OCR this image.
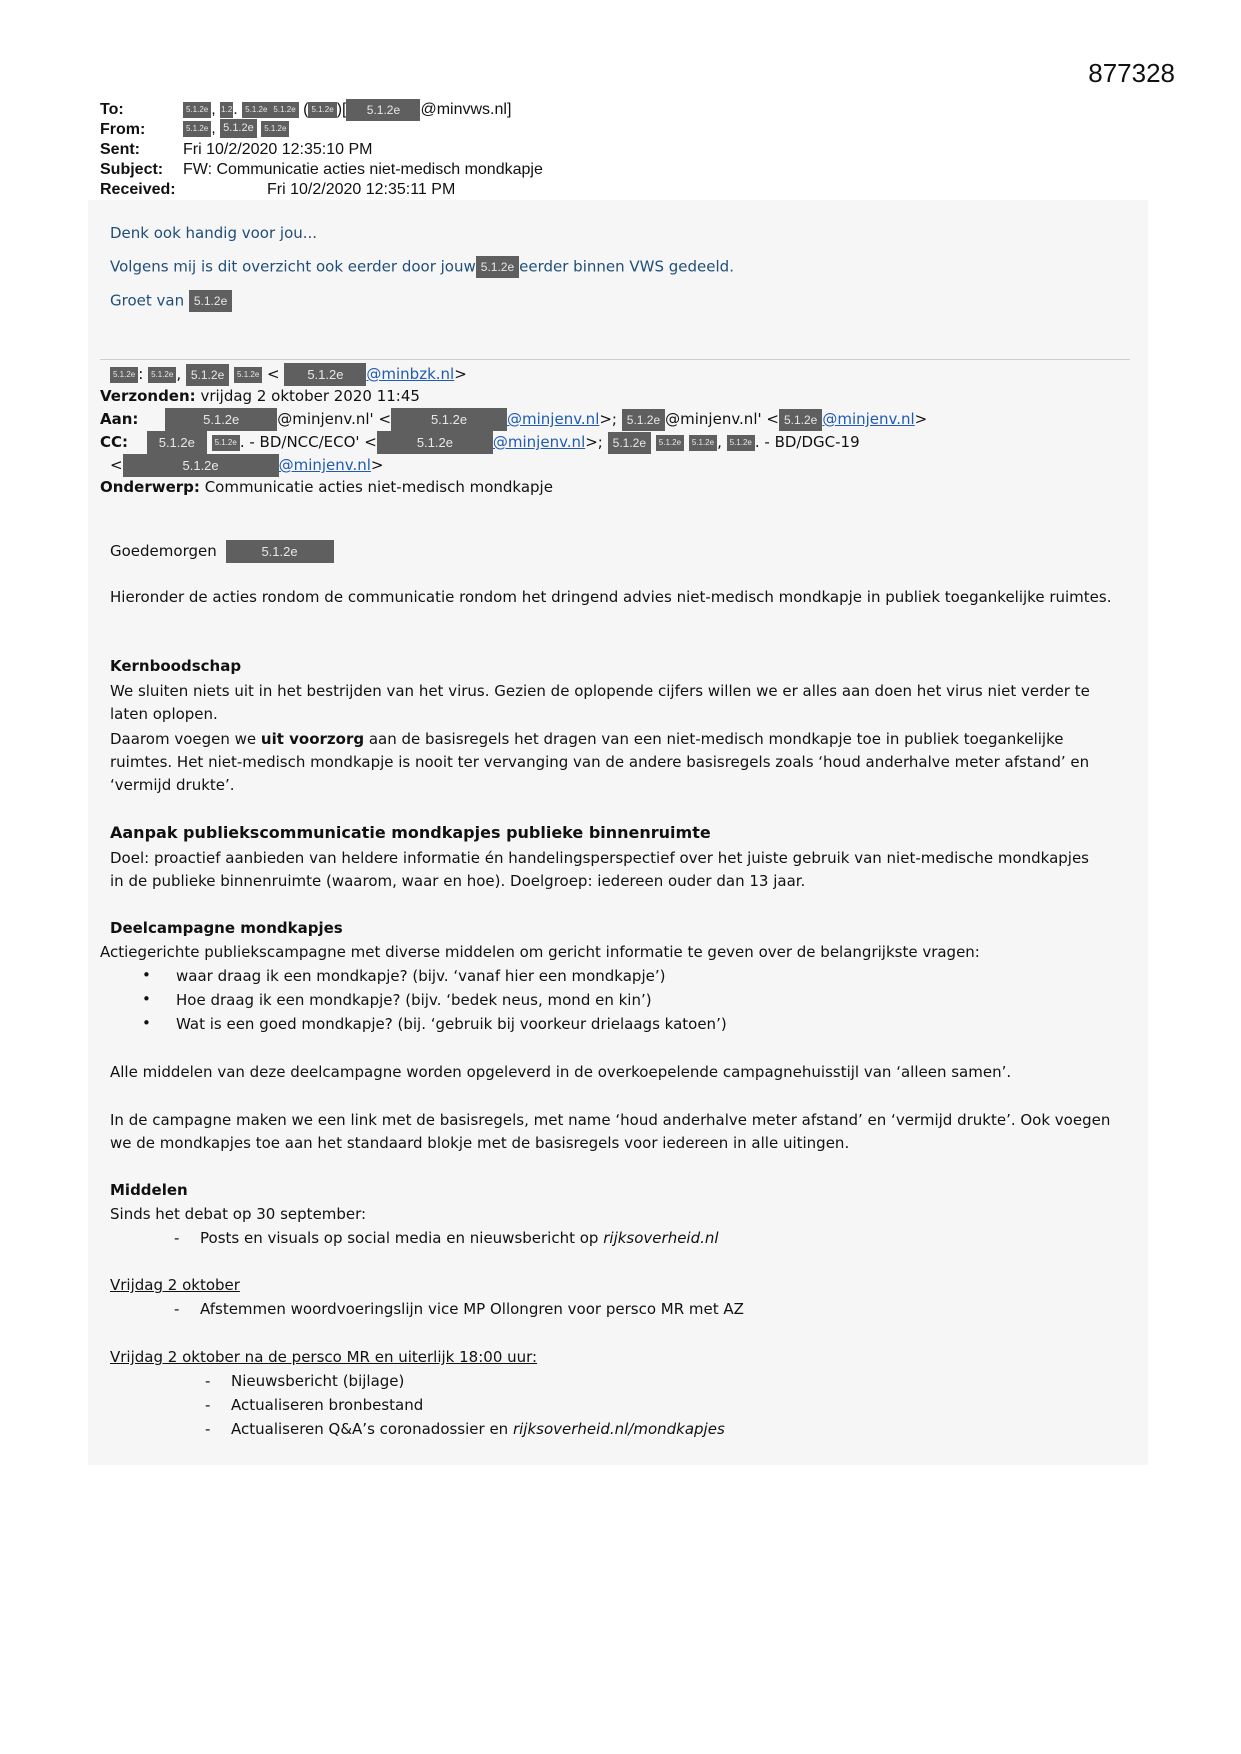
877328
To:	5.1.2e , 1.2. 5.1.2e 5.1.2e ( 5.1.2e )[ 5.1.2e @minvws.nl]
From:	5.1.2e , 5.1.2e 5.1.2e
Sent:	Fri 10/2/2020 12:35:10 PM
Subject: FW: Communicatie acties niet-medisch mondkapje
Received:	Fri 10/2/2020 12:35:11 PM
Denk ook handig voor jou...
Volgens mij is dit overzicht ook eerder door jouw 5.1.2e eerder binnen VWS gedeeld.
Groet van 5.1.2e
5.1.2e : 5.1.2e , 5.1.2e 5.1.2e < 5.1.2e @minbzk.nl>
Verzonden: vrijdag 2 oktober 2020 11:45
Aan:	5.1.2e	@minjenv.nl' <	5.1.2e	@minjenv.nl>; 5.1.2e @minjenv.nl' < 5.1.2e @minjenv.nl>
CC: 5.1.2e 5.1.2e . - BD/NCC/ECO' <	5.1.2e	@minjenv.nl>; 5.1.2e 5.1.2e 5.1.2e , 5.1.2e . - BD/DGC-19
<	5.1.2e	@minjenv.nl>
Onderwerp: Communicatie acties niet-medisch mondkapje
Goedemorgen	5.1.2e
Hieronder de acties rondom de communicatie rondom het dringend advies niet-medisch mondkapje in publiek toegankelijke ruimtes.
Kernboodschap
We sluiten niets uit in het bestrijden van het virus. Gezien de oplopende cijfers willen we er alles aan doen het virus niet verder te laten oplopen.
Daarom voegen we uit voorzorg aan de basisregels het dragen van een niet-medisch mondkapje toe in publiek toegankelijke ruimtes. Het niet-medisch mondkapje is nooit ter vervanging van de andere basisregels zoals ‘houd anderhalve meter afstand’ en ‘vermijd drukte’.
Aanpak publiekscommunicatie mondkapjes publieke binnenruimte
Doel: proactief aanbieden van heldere informatie én handelingsperspectief over het juiste gebruik van niet-medische mondkapjes in de publieke binnenruimte (waarom, waar en hoe). Doelgroep: iedereen ouder dan 13 jaar.
Deelcampagne mondkapjes
Actiegerichte publiekscampagne met diverse middelen om gericht informatie te geven over de belangrijkste vragen:
• waar draag ik een mondkapje? (bijv. ‘vanaf hier een mondkapje’)
• Hoe draag ik een mondkapje? (bijv. ‘bedek neus, mond en kin’)
• Wat is een goed mondkapje? (bij. ‘gebruik bij voorkeur drielaags katoen’)
Alle middelen van deze deelcampagne worden opgeleverd in de overkoepelende campagnehuisstijl van ‘alleen samen’.
In de campagne maken we een link met de basisregels, met name ‘houd anderhalve meter afstand’ en ‘vermijd drukte’. Ook voegen we de mondkapjes toe aan het standaard blokje met de basisregels voor iedereen in alle uitingen.
Middelen
Sinds het debat op 30 september:
- Posts en visuals op social media en nieuwsbericht op rijksoverheid.nl
Vrijdag 2 oktober
- Afstemmen woordvoeringslijn vice MP Ollongren voor persco MR met AZ
Vrijdag 2 oktober na de persco MR en uiterlijk 18:00 uur:
- Nieuwsbericht (bijlage)
- Actualiseren bronbestand
- Actualiseren Q&A’s coronadossier en rijksoverheid.nl/mondkapjes
